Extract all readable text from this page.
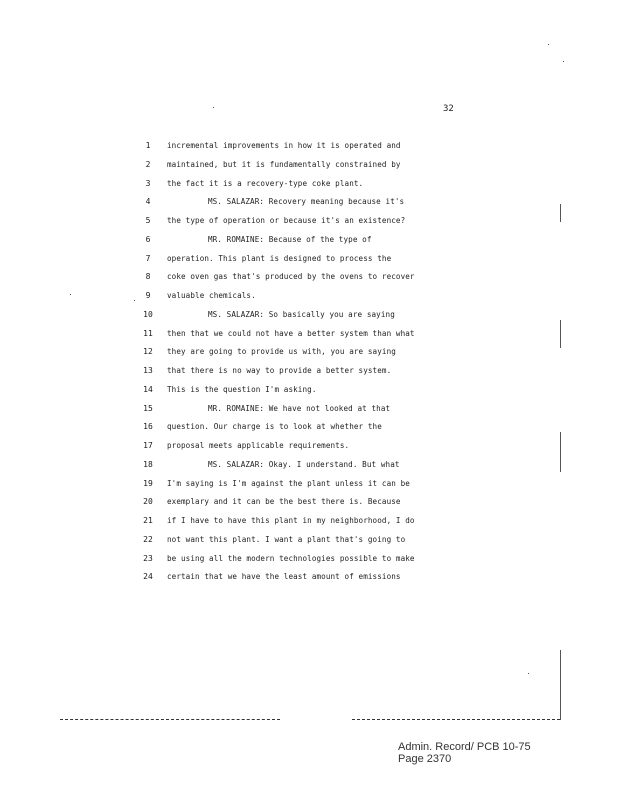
32
1	incremental improvements in how it is operated and
2	maintained, but it is fundamentally constrained by
3	the fact it is a recovery-type coke plant.
4	MS. SALAZAR: Recovery meaning because it's
5	the type of operation or because it's an existence?
6	MR. ROMAINE: Because of the type of
7	operation. This plant is designed to process the
8	coke oven gas that's produced by the ovens to recover
9	valuable chemicals.
10	MS. SALAZAR: So basically you are saying
11	then that we could not have a better system than what
12	they are going to provide us with, you are saying
13	that there is no way to provide a better system.
14	This is the question I'm asking.
15	MR. ROMAINE: We have not looked at that
16	question. Our charge is to look at whether the
17	proposal meets applicable requirements.
18	MS. SALAZAR: Okay. I understand. But what
19	I'm saying is I'm against the plant unless it can be
20	exemplary and it can be the best there is. Because
21	if I have to have this plant in my neighborhood, I do
22	not want this plant. I want a plant that's going to
23	be using all the modern technologies possible to make
24	certain that we have the least amount of emissions
Admin. Record/ PCB 10-75
Page 2370
